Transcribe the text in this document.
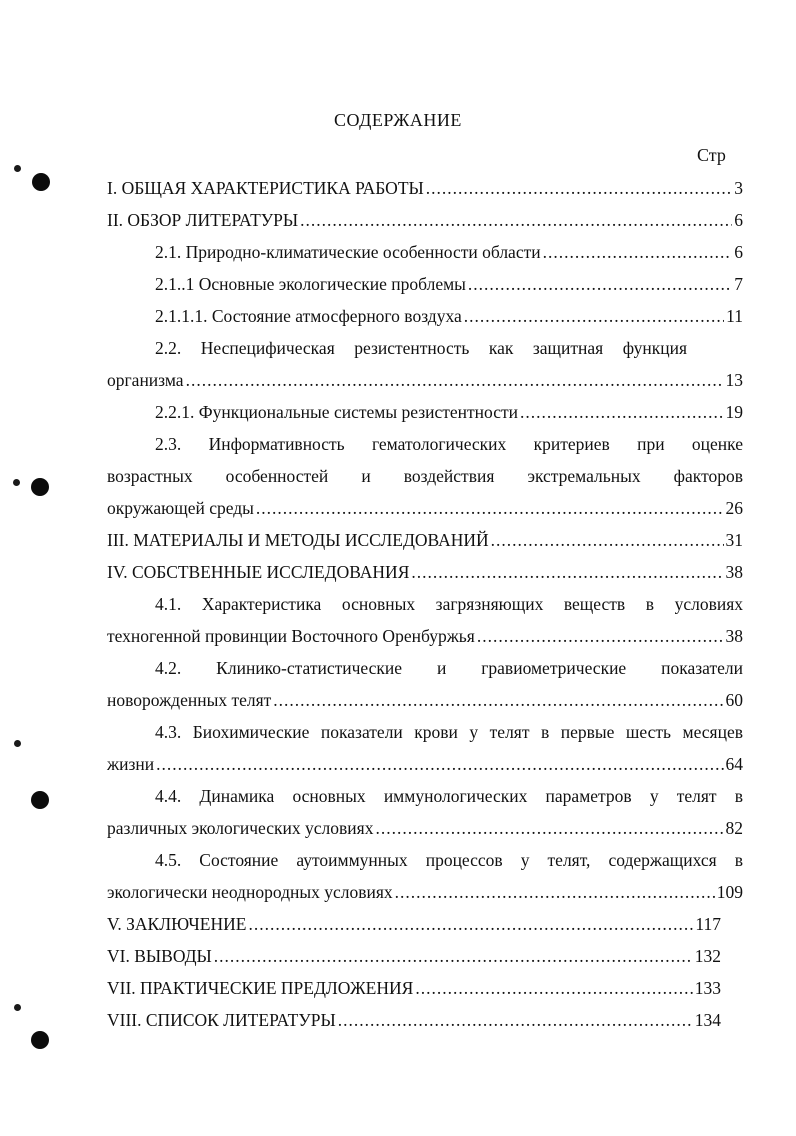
СОДЕРЖАНИЕ
Стр
I. ОБЩАЯ ХАРАКТЕРИСТИКА РАБОТЫ .....	3
II. ОБЗОР ЛИТЕРАТУРЫ .....	6
2.1. Природно-климатические особенности области .....	6
2.1..1 Основные экологические проблемы .....	7
2.1.1.1. Состояние атмосферного воздуха .....	11
2.2. Неспецифическая резистентность как защитная функция
организма .....	13
2.2.1. Функциональные системы резистентности .....	19
2.3. Информативность гематологических критериев при оценке
возрастных особенностей и воздействия экстремальных факторов
окружающей среды .....	26
III. МАТЕРИАЛЫ И МЕТОДЫ ИССЛЕДОВАНИЙ .....	31
IV. СОБСТВЕННЫЕ ИССЛЕДОВАНИЯ .....	38
4.1. Характеристика основных загрязняющих веществ в условиях
техногенной провинции Восточного Оренбуржья .....	38
4.2. Клинико-статистические и гравиометрические показатели
новорожденных телят .....	60
4.3. Биохимические показатели крови у телят в первые шесть месяцев
жизни .....	64
4.4. Динамика основных иммунологических параметров у телят в
различных экологических условиях .....	82
4.5. Состояние аутоиммунных процессов у телят, содержащихся в
экологически неоднородных условиях .....	109
V. ЗАКЛЮЧЕНИЕ .....	117
VI. ВЫВОДЫ .....	132
VII. ПРАКТИЧЕСКИЕ ПРЕДЛОЖЕНИЯ .....	133
VIII. СПИСОК ЛИТЕРАТУРЫ .....	134
